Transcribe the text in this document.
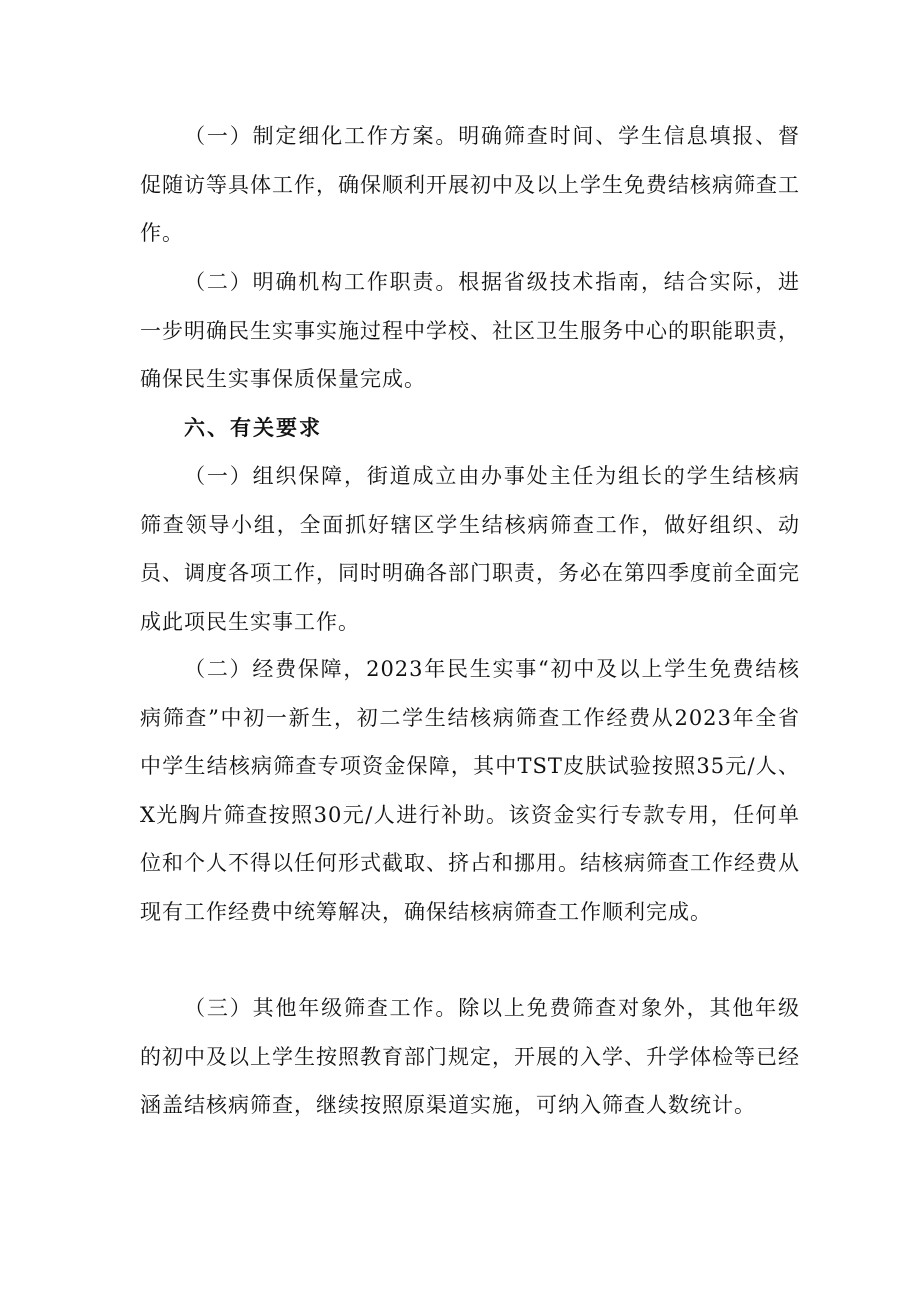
（一）制定细化工作方案。明确筛查时间、学生信息填报、督促随访等具体工作，确保顺利开展初中及以上学生免费结核病筛查工作。

（二）明确机构工作职责。根据省级技术指南，结合实际，进一步明确民生实事实施过程中学校、社区卫生服务中心的职能职责，确保民生实事保质保量完成。

六、有关要求

（一）组织保障，街道成立由办事处主任为组长的学生结核病筛查领导小组，全面抓好辖区学生结核病筛查工作，做好组织、动员、调度各项工作，同时明确各部门职责，务必在第四季度前全面完成此项民生实事工作。

（二）经费保障，2023年民生实事“初中及以上学生免费结核病筛查”中初一新生，初二学生结核病筛查工作经费从2023年全省中学生结核病筛查专项资金保障，其中TST皮肤试验按照35元/人、X光胸片筛查按照30元/人进行补助。该资金实行专款专用，任何单位和个人不得以任何形式截取、挤占和挪用。结核病筛查工作经费从现有工作经费中统筹解决，确保结核病筛查工作顺利完成。

（三）其他年级筛查工作。除以上免费筛查对象外，其他年级的初中及以上学生按照教育部门规定，开展的入学、升学体检等已经涵盖结核病筛查，继续按照原渠道实施，可纳入筛查人数统计。
